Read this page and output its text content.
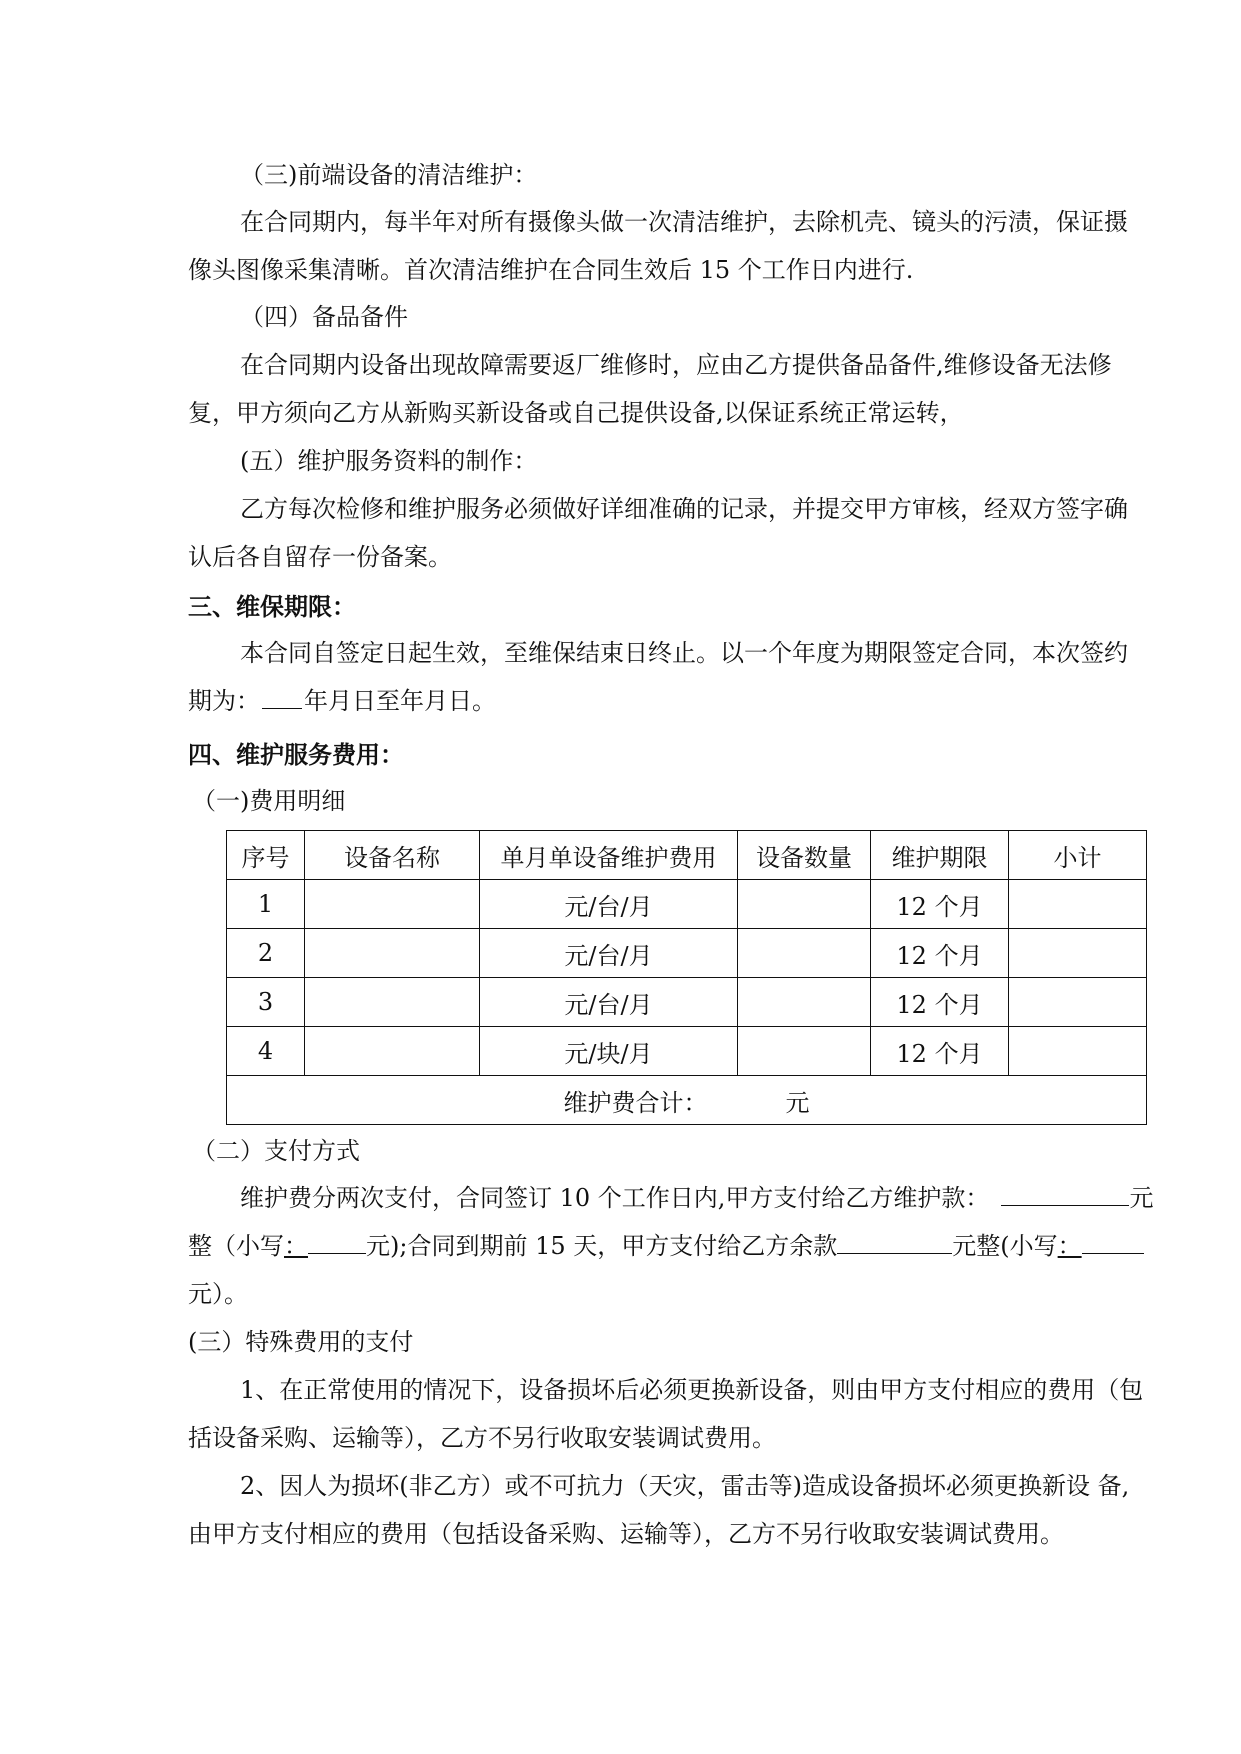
（三)前端设备的清洁维护：
在合同期内，每半年对所有摄像头做一次清洁维护，去除机壳、镜头的污渍，保证摄
像头图像采集清晰。首次清洁维护在合同生效后 15 个工作日内进行.
（四）备品备件
在合同期内设备出现故障需要返厂维修时，应由乙方提供备品备件,维修设备无法修
复，甲方须向乙方从新购买新设备或自己提供设备,以保证系统正常运转，
(五）维护服务资料的制作：
乙方每次检修和维护服务必须做好详细准确的记录，并提交甲方审核，经双方签字确
认后各自留存一份备案。
三、维保期限：
本合同自签定日起生效，至维保结束日终止。以一个年度为期限签定合同，本次签约
期为： 年月日至年月日。
四、维护服务费用：
（一)费用明细
序号	设备名称	单月单设备维护费用	设备数量	维护期限	小计
1		元/台/月		12 个月	
2		元/台/月		12 个月	
3		元/台/月		12 个月	
4		元/块/月		12 个月	
维护费合计： 元					
（二）支付方式
维护费分两次支付，合同签订 10 个工作日内,甲方支付给乙方维护款：	元
整（小写： 元);合同到期前 15 天，甲方支付给乙方余款	元整(小写：
元）。
(三）特殊费用的支付
1、在正常使用的情况下，设备损坏后必须更换新设备，则由甲方支付相应的费用（包
括设备采购、运输等），乙方不另行收取安装调试费用。
2、因人为损坏(非乙方）或不可抗力（天灾，雷击等)造成设备损坏必须更换新设 备,
由甲方支付相应的费用（包括设备采购、运输等），乙方不另行收取安装调试费用。
